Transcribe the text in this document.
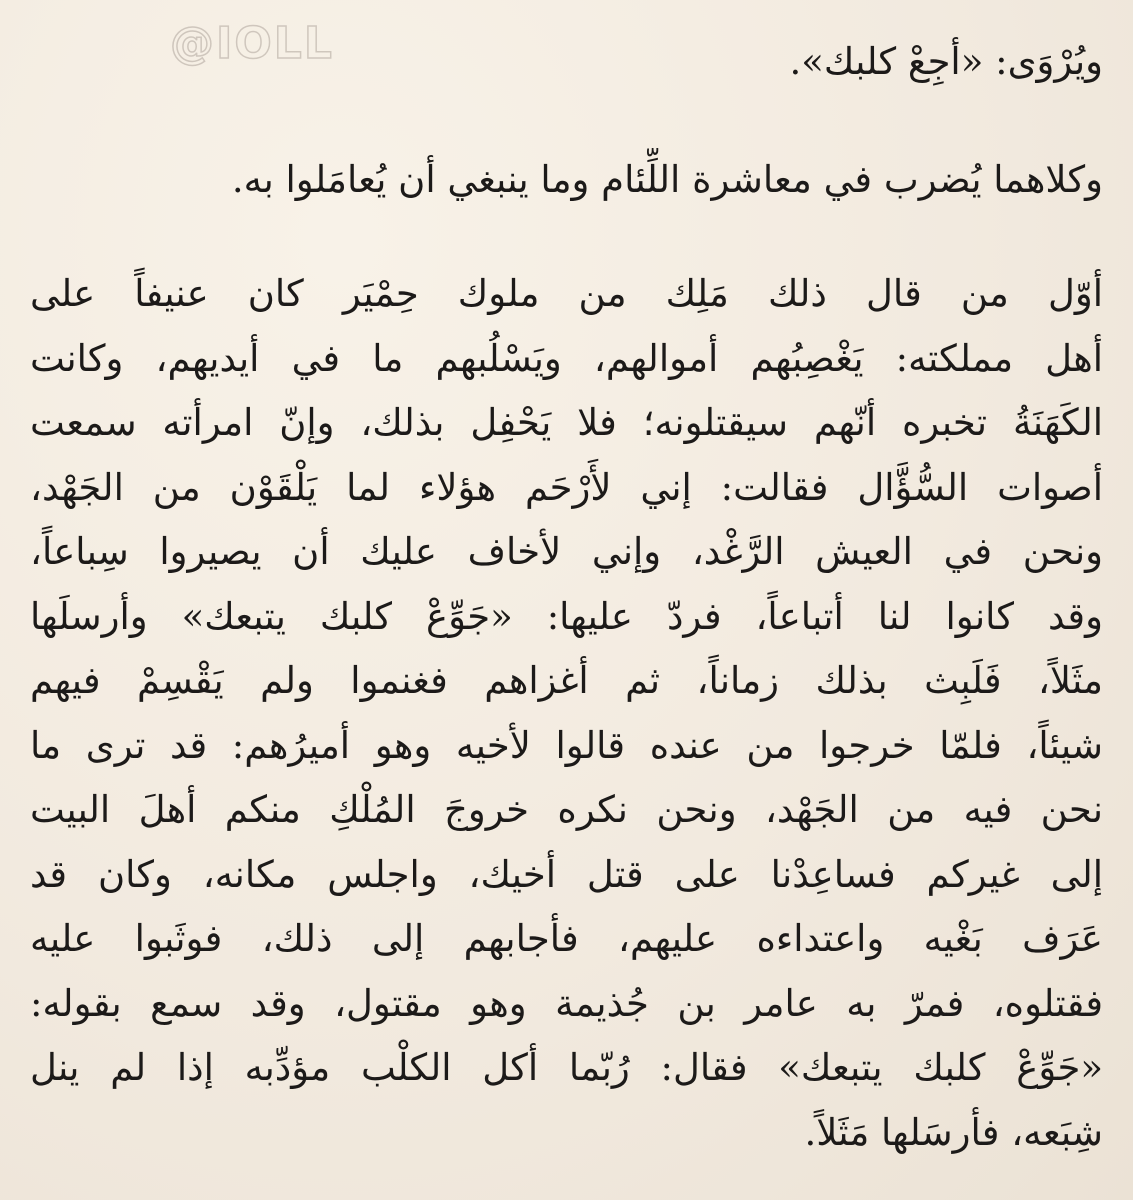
@IOLL	ويُرْوَى: «أجِعْ كلبك».

وكلاهما يُضرب في معاشرة اللِّئام وما ينبغي أن يُعامَلوا به.

أوّل من قال ذلك مَلِك من ملوك حِمْيَر كان عنيفاً على
أهل مملكته: يَغْصِبُهم أموالهم، ويَسْلُبهم ما في أيديهم، وكانت
الكَهَنَةُ تخبره أنّهم سيقتلونه؛ فلا يَحْفِل بذلك، وإنّ امرأته سمعت
أصوات السُّؤَّال فقالت: إني لأَرْحَم هؤلاء لما يَلْقَوْن من الجَهْد،
ونحن في العيش الرَّغْد، وإني لأخاف عليك أن يصيروا سِباعاً،
وقد كانوا لنا أتباعاً، فردّ عليها: «جَوِّعْ كلبك يتبعك» وأرسلَها
مثَلاً، فَلَبِث بذلك زماناً، ثم أغزاهم فغنموا ولم يَقْسِمْ فيهم
شيئاً، فلمّا خرجوا من عنده قالوا لأخيه وهو أميرُهم: قد ترى ما
نحن فيه من الجَهْد، ونحن نكره خروجَ المُلْكِ منكم أهلَ البيت
إلى غيركم فساعِدْنا على قتل أخيك، واجلس مكانه، وكان قد
عَرَف بَغْيه واعتداءه عليهم، فأجابهم إلى ذلك، فوثَبوا عليه
فقتلوه، فمرّ به عامر بن جُذيمة وهو مقتول، وقد سمع بقوله:
«جَوِّعْ كلبك يتبعك» فقال: رُبّما أكل الكلْب مؤدِّبه إذا لم ينل
شِبَعه، فأرسَلها مَثَلاً.
